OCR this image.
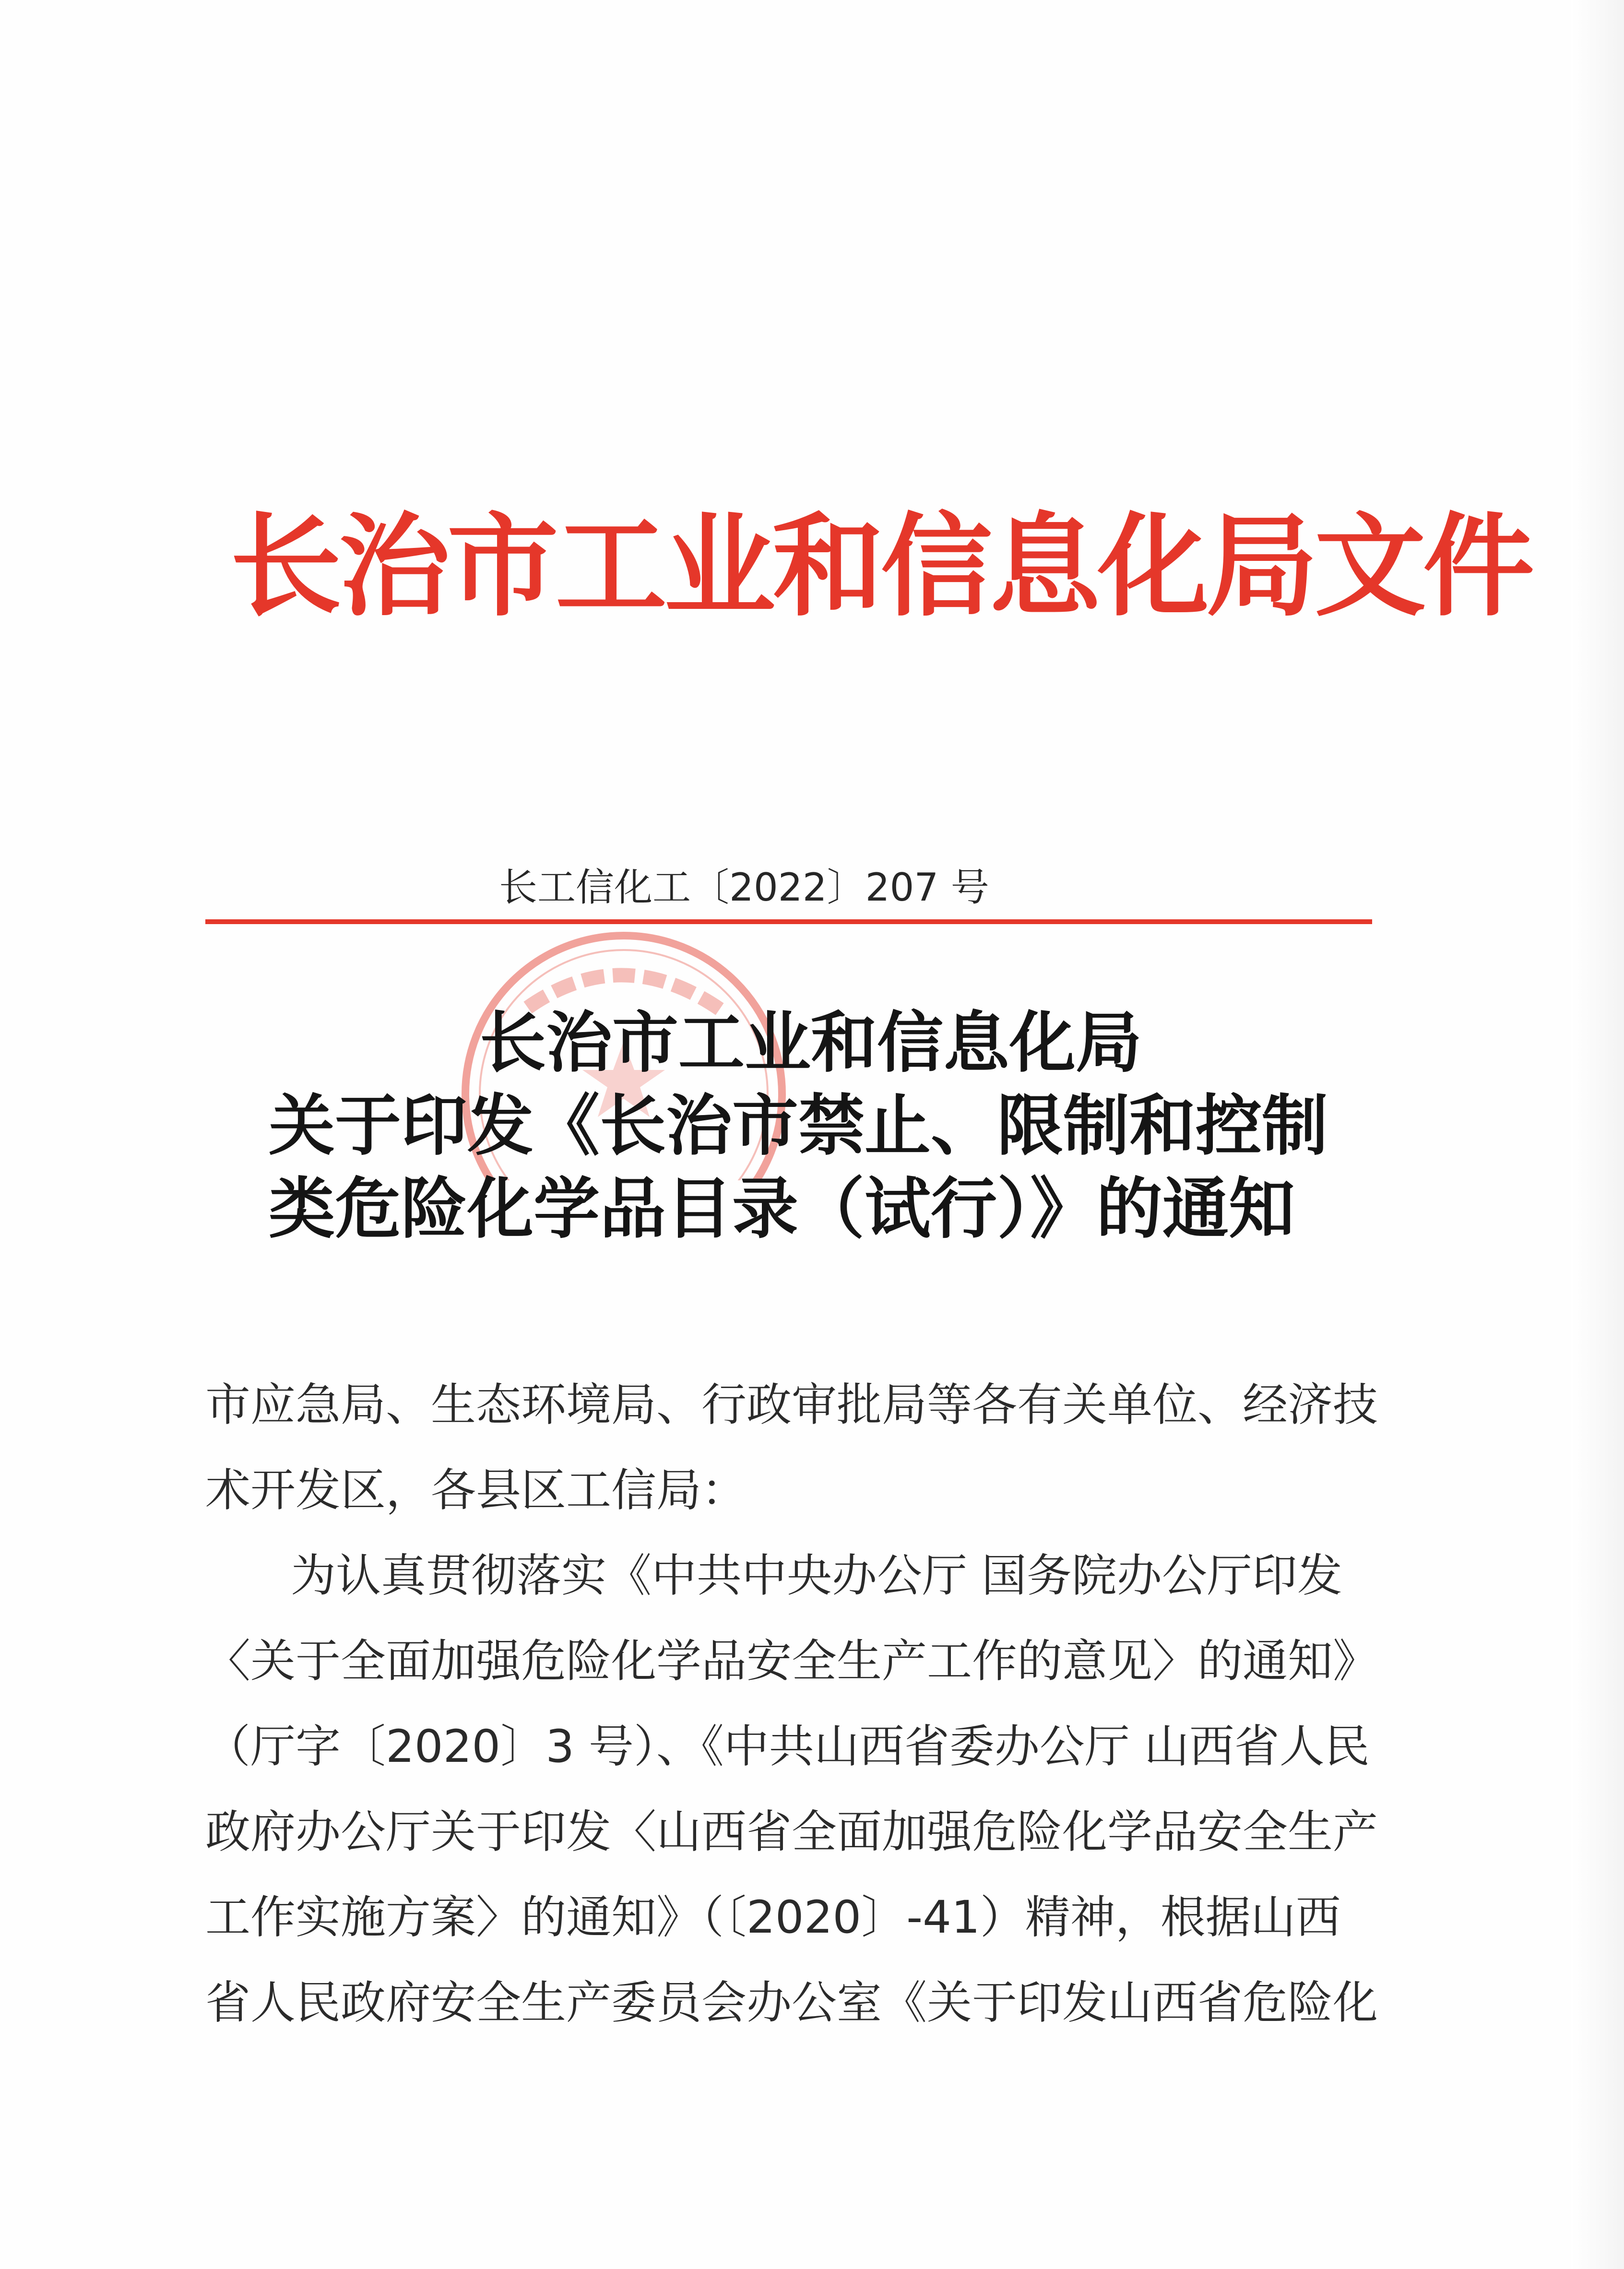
长治市工业和信息化局文件
长工信化工〔2022〕207 号
长治市工业和信息化局
关于印发《长治市禁止、限制和控制
类危险化学品目录（试行）》的通知
市应急局、生态环境局、行政审批局等各有关单位、经济技
术开发区，各县区工信局：
为认真贯彻落实《中共中央办公厅 国务院办公厅印发
〈关于全面加强危险化学品安全生产工作的意见〉的通知》
（厅字〔2020〕3 号）、《中共山西省委办公厅 山西省人民
政府办公厅关于印发〈山西省全面加强危险化学品安全生产
工作实施方案〉的通知》（〔2020〕-41）精神，根据山西
省人民政府安全生产委员会办公室《关于印发山西省危险化
